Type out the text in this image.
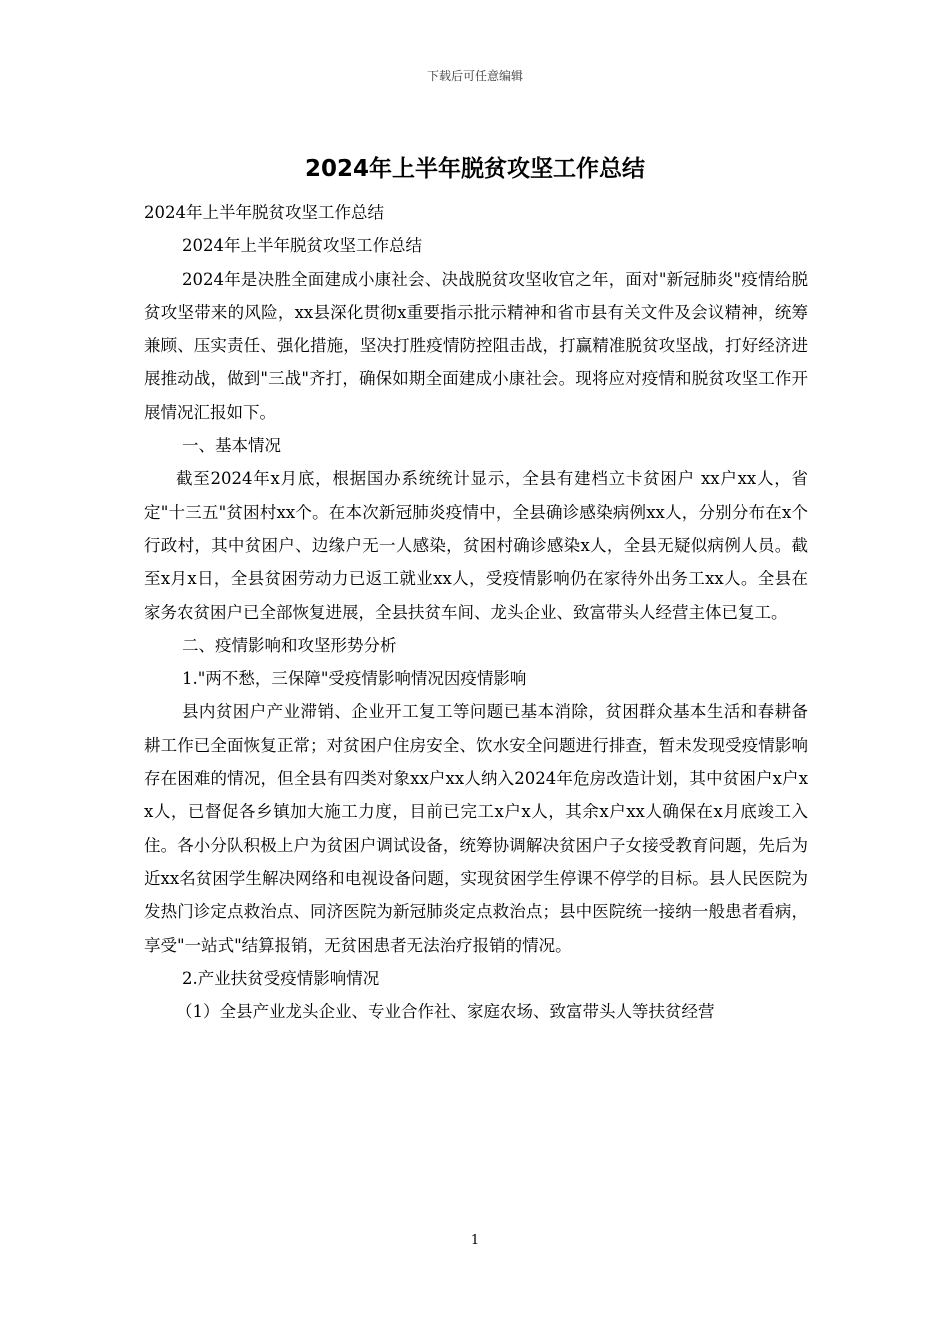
下载后可任意编辑
2024年上半年脱贫攻坚工作总结

2024年上半年脱贫攻坚工作总结

2024年上半年脱贫攻坚工作总结

2024年是决胜全面建成小康社会、决战脱贫攻坚收官之年，面对"新冠肺炎"疫情给脱贫攻坚带来的风险，xx县深化贯彻x重要指示批示精神和省市县有关文件及会议精神，统筹兼顾、压实责任、强化措施，坚决打胜疫情防控阻击战，打赢精准脱贫攻坚战，打好经济进展推动战，做到"三战"齐打，确保如期全面建成小康社会。现将应对疫情和脱贫攻坚工作开展情况汇报如下。

一、基本情况

截至2024年x月底，根据国办系统统计显示，全县有建档立卡贫困户 xx户xx人，省定"十三五"贫困村xx个。在本次新冠肺炎疫情中，全县确诊感染病例xx人，分别分布在x个行政村，其中贫困户、边缘户无一人感染，贫困村确诊感染x人，全县无疑似病例人员。截至x月x日，全县贫困劳动力已返工就业xx人，受疫情影响仍在家待外出务工xx人。全县在家务农贫困户已全部恢复进展，全县扶贫车间、龙头企业、致富带头人经营主体已复工。

二、疫情影响和攻坚形势分析

1."两不愁，三保障"受疫情影响情况因疫情影响

县内贫困户产业滞销、企业开工复工等问题已基本消除，贫困群众基本生活和春耕备耕工作已全面恢复正常；对贫困户住房安全、饮水安全问题进行排查，暂未发现受疫情影响存在困难的情况，但全县有四类对象xx户xx人纳入2024年危房改造计划，其中贫困户x户xx人，已督促各乡镇加大施工力度，目前已完工x户x人，其余x户xx人确保在x月底竣工入住。各小分队积极上户为贫困户调试设备，统筹协调解决贫困户子女接受教育问题，先后为近xx名贫困学生解决网络和电视设备问题，实现贫困学生停课不停学的目标。县人民医院为发热门诊定点救治点、同济医院为新冠肺炎定点救治点；县中医院统一接纳一般患者看病，享受"一站式"结算报销，无贫困患者无法治疗报销的情况。

2.产业扶贫受疫情影响情况

（1）全县产业龙头企业、专业合作社、家庭农场、致富带头人等扶贫经营

1
